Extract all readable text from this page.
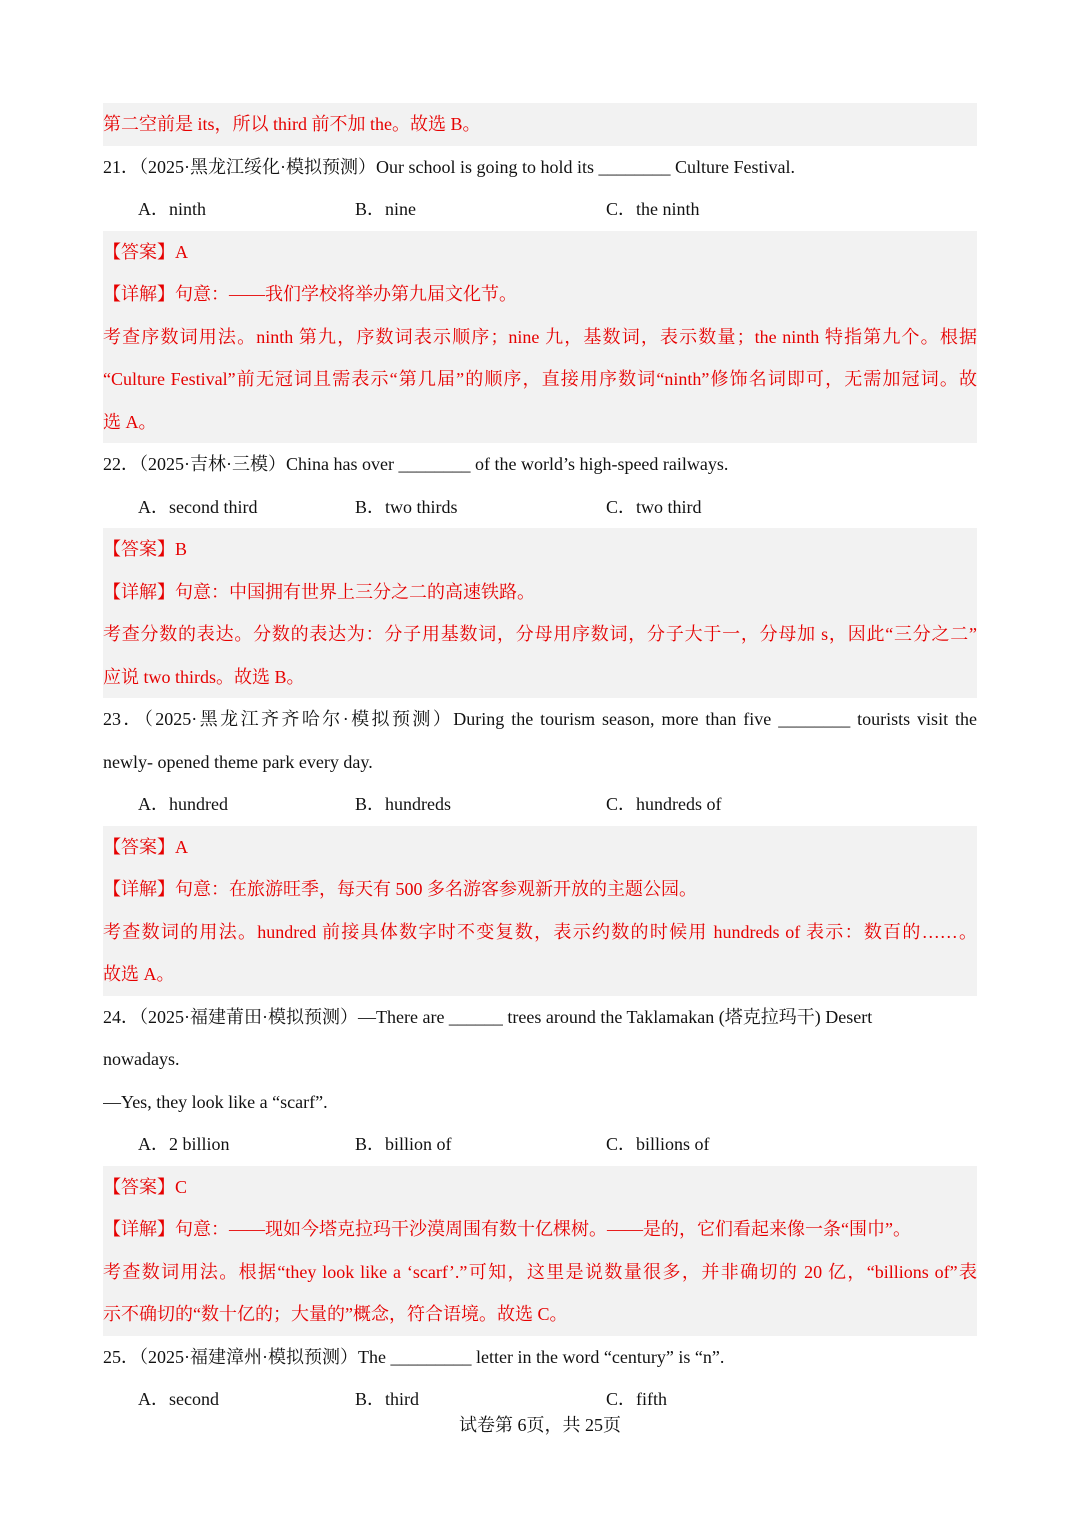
第二空前是 its，所以 third 前不加 the。故选 B。
21．（2025·黑龙江绥化·模拟预测）Our school is going to hold its ________ Culture Festival.
A．ninth	B．nine	C．the ninth
【答案】A
【详解】句意：——我们学校将举办第九届文化节。
考查序数词用法。ninth 第九，序数词表示顺序；nine 九，基数词，表示数量；the ninth 特指第九个。根据
“Culture Festival”前无冠词且需表示“第几届”的顺序，直接用序数词“ninth”修饰名词即可，无需加冠词。故
选 A。
22．（2025·吉林·三模）China has over ________ of the world’s high-speed railways.
A．second third	B．two thirds	C．two third
【答案】B
【详解】句意：中国拥有世界上三分之二的高速铁路。
考查分数的表达。分数的表达为：分子用基数词，分母用序数词，分子大于一，分母加 s，因此“三分之二”
应说 two thirds。故选 B。
23．（2025·黑龙江齐齐哈尔·模拟预测）During the tourism season, more than five ________ tourists visit the
newly- opened theme park every day.
A．hundred	B．hundreds	C．hundreds of
【答案】A
【详解】句意：在旅游旺季，每天有 500 多名游客参观新开放的主题公园。
考查数词的用法。hundred 前接具体数字时不变复数，表示约数的时候用 hundreds of 表示：数百的……。
故选 A。
24．（2025·福建莆田·模拟预测）—There are ______ trees around the Taklamakan (塔克拉玛干) Desert
nowadays.
—Yes, they look like a “scarf”.
A．2 billion	B．billion of	C．billions of
【答案】C
【详解】句意：——现如今塔克拉玛干沙漠周围有数十亿棵树。——是的，它们看起来像一条“围巾”。
考查数词用法。根据“they look like a ‘scarf’.”可知，这里是说数量很多，并非确切的 20 亿，“billions of”表
示不确切的“数十亿的；大量的”概念，符合语境。故选 C。
25．（2025·福建漳州·模拟预测）The _________ letter in the word “century” is “n”.
A．second	B．third	C．fifth
试卷第 6页，共 25页
